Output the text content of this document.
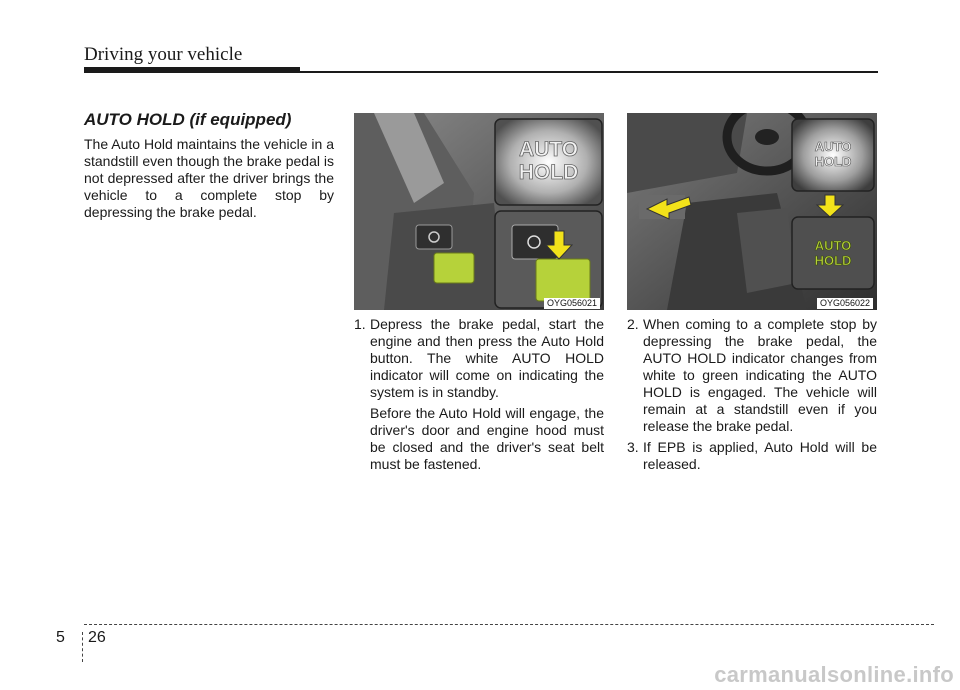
Driving your vehicle
AUTO HOLD (if equipped)

The Auto Hold maintains the vehicle in a standstill even though the brake pedal is not depressed after the driver brings the vehicle to a complete stop by depressing the brake pedal.

AUTO
HOLD
OYG056021
AUTO
HOLD
AUTO
HOLD
OYG056022

1. Depress the brake pedal, start the engine and then press the Auto Hold button. The white AUTO HOLD indicator will come on indicating the system is in standby.

Before the Auto Hold will engage, the driver's door and engine hood must be closed and the driver's seat belt must be fastened.

2. When coming to a complete stop by depressing the brake pedal, the AUTO HOLD indicator changes from white to green indicating the AUTO HOLD is engaged. The vehicle will remain at a standstill even if you release the brake pedal.

3. If EPB is applied, Auto Hold will be released.

5 26
carmanualsonline.info
